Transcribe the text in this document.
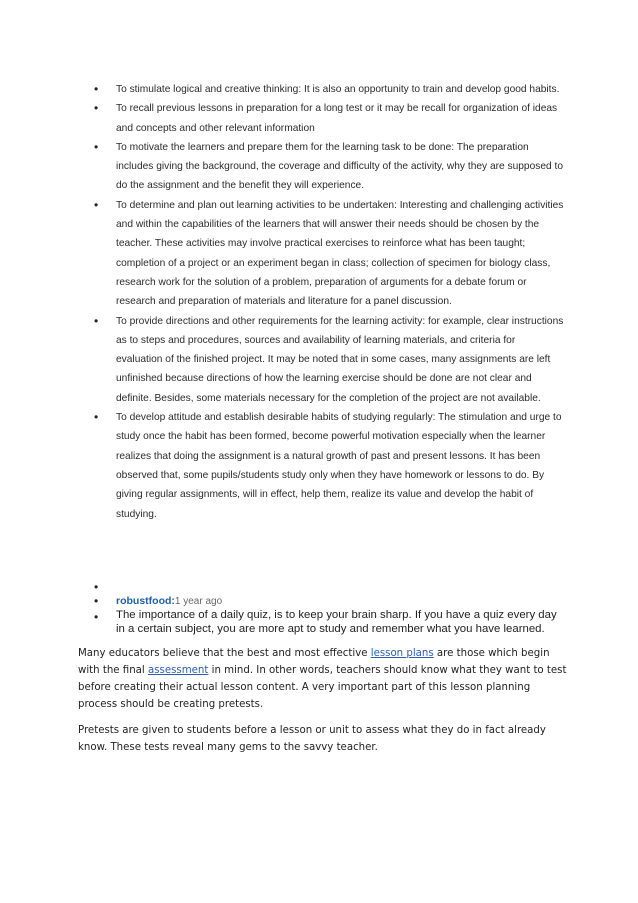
• To stimulate logical and creative thinking: It is also an opportunity to train and develop good habits.
• To recall previous lessons in preparation for a long test or it may be recall for organization of ideas and concepts and other relevant information
• To motivate the learners and prepare them for the learning task to be done: The preparation includes giving the background, the coverage and difficulty of the activity, why they are supposed to do the assignment and the benefit they will experience.
• To determine and plan out learning activities to be undertaken: Interesting and challenging activities and within the capabilities of the learners that will answer their needs should be chosen by the teacher. These activities may involve practical exercises to reinforce what has been taught; completion of a project or an experiment began in class; collection of specimen for biology class, research work for the solution of a problem, preparation of arguments for a debate forum or research and preparation of materials and literature for a panel discussion.
• To provide directions and other requirements for the learning activity: for example, clear instructions as to steps and procedures, sources and availability of learning materials, and criteria for evaluation of the finished project. It may be noted that in some cases, many assignments are left unfinished because directions of how the learning exercise should be done are not clear and definite. Besides, some materials necessary for the completion of the project are not available.
• To develop attitude and establish desirable habits of studying regularly: The stimulation and urge to study once the habit has been formed, become powerful motivation especially when the learner realizes that doing the assignment is a natural growth of past and present lessons. It has been observed that, some pupils/students study only when they have homework or lessons to do. By giving regular assignments, will in effect, help them, realize its value and develop the habit of studying.
•
• robustfood:1 year ago
• The importance of a daily quiz, is to keep your brain sharp. If you have a quiz every day in a certain subject, you are more apt to study and remember what you have learned.

Many educators believe that the best and most effective lesson plans are those which begin with the final assessment in mind. In other words, teachers should know what they want to test before creating their actual lesson content. A very important part of this lesson planning process should be creating pretests.

Pretests are given to students before a lesson or unit to assess what they do in fact already know. These tests reveal many gems to the savvy teacher.
